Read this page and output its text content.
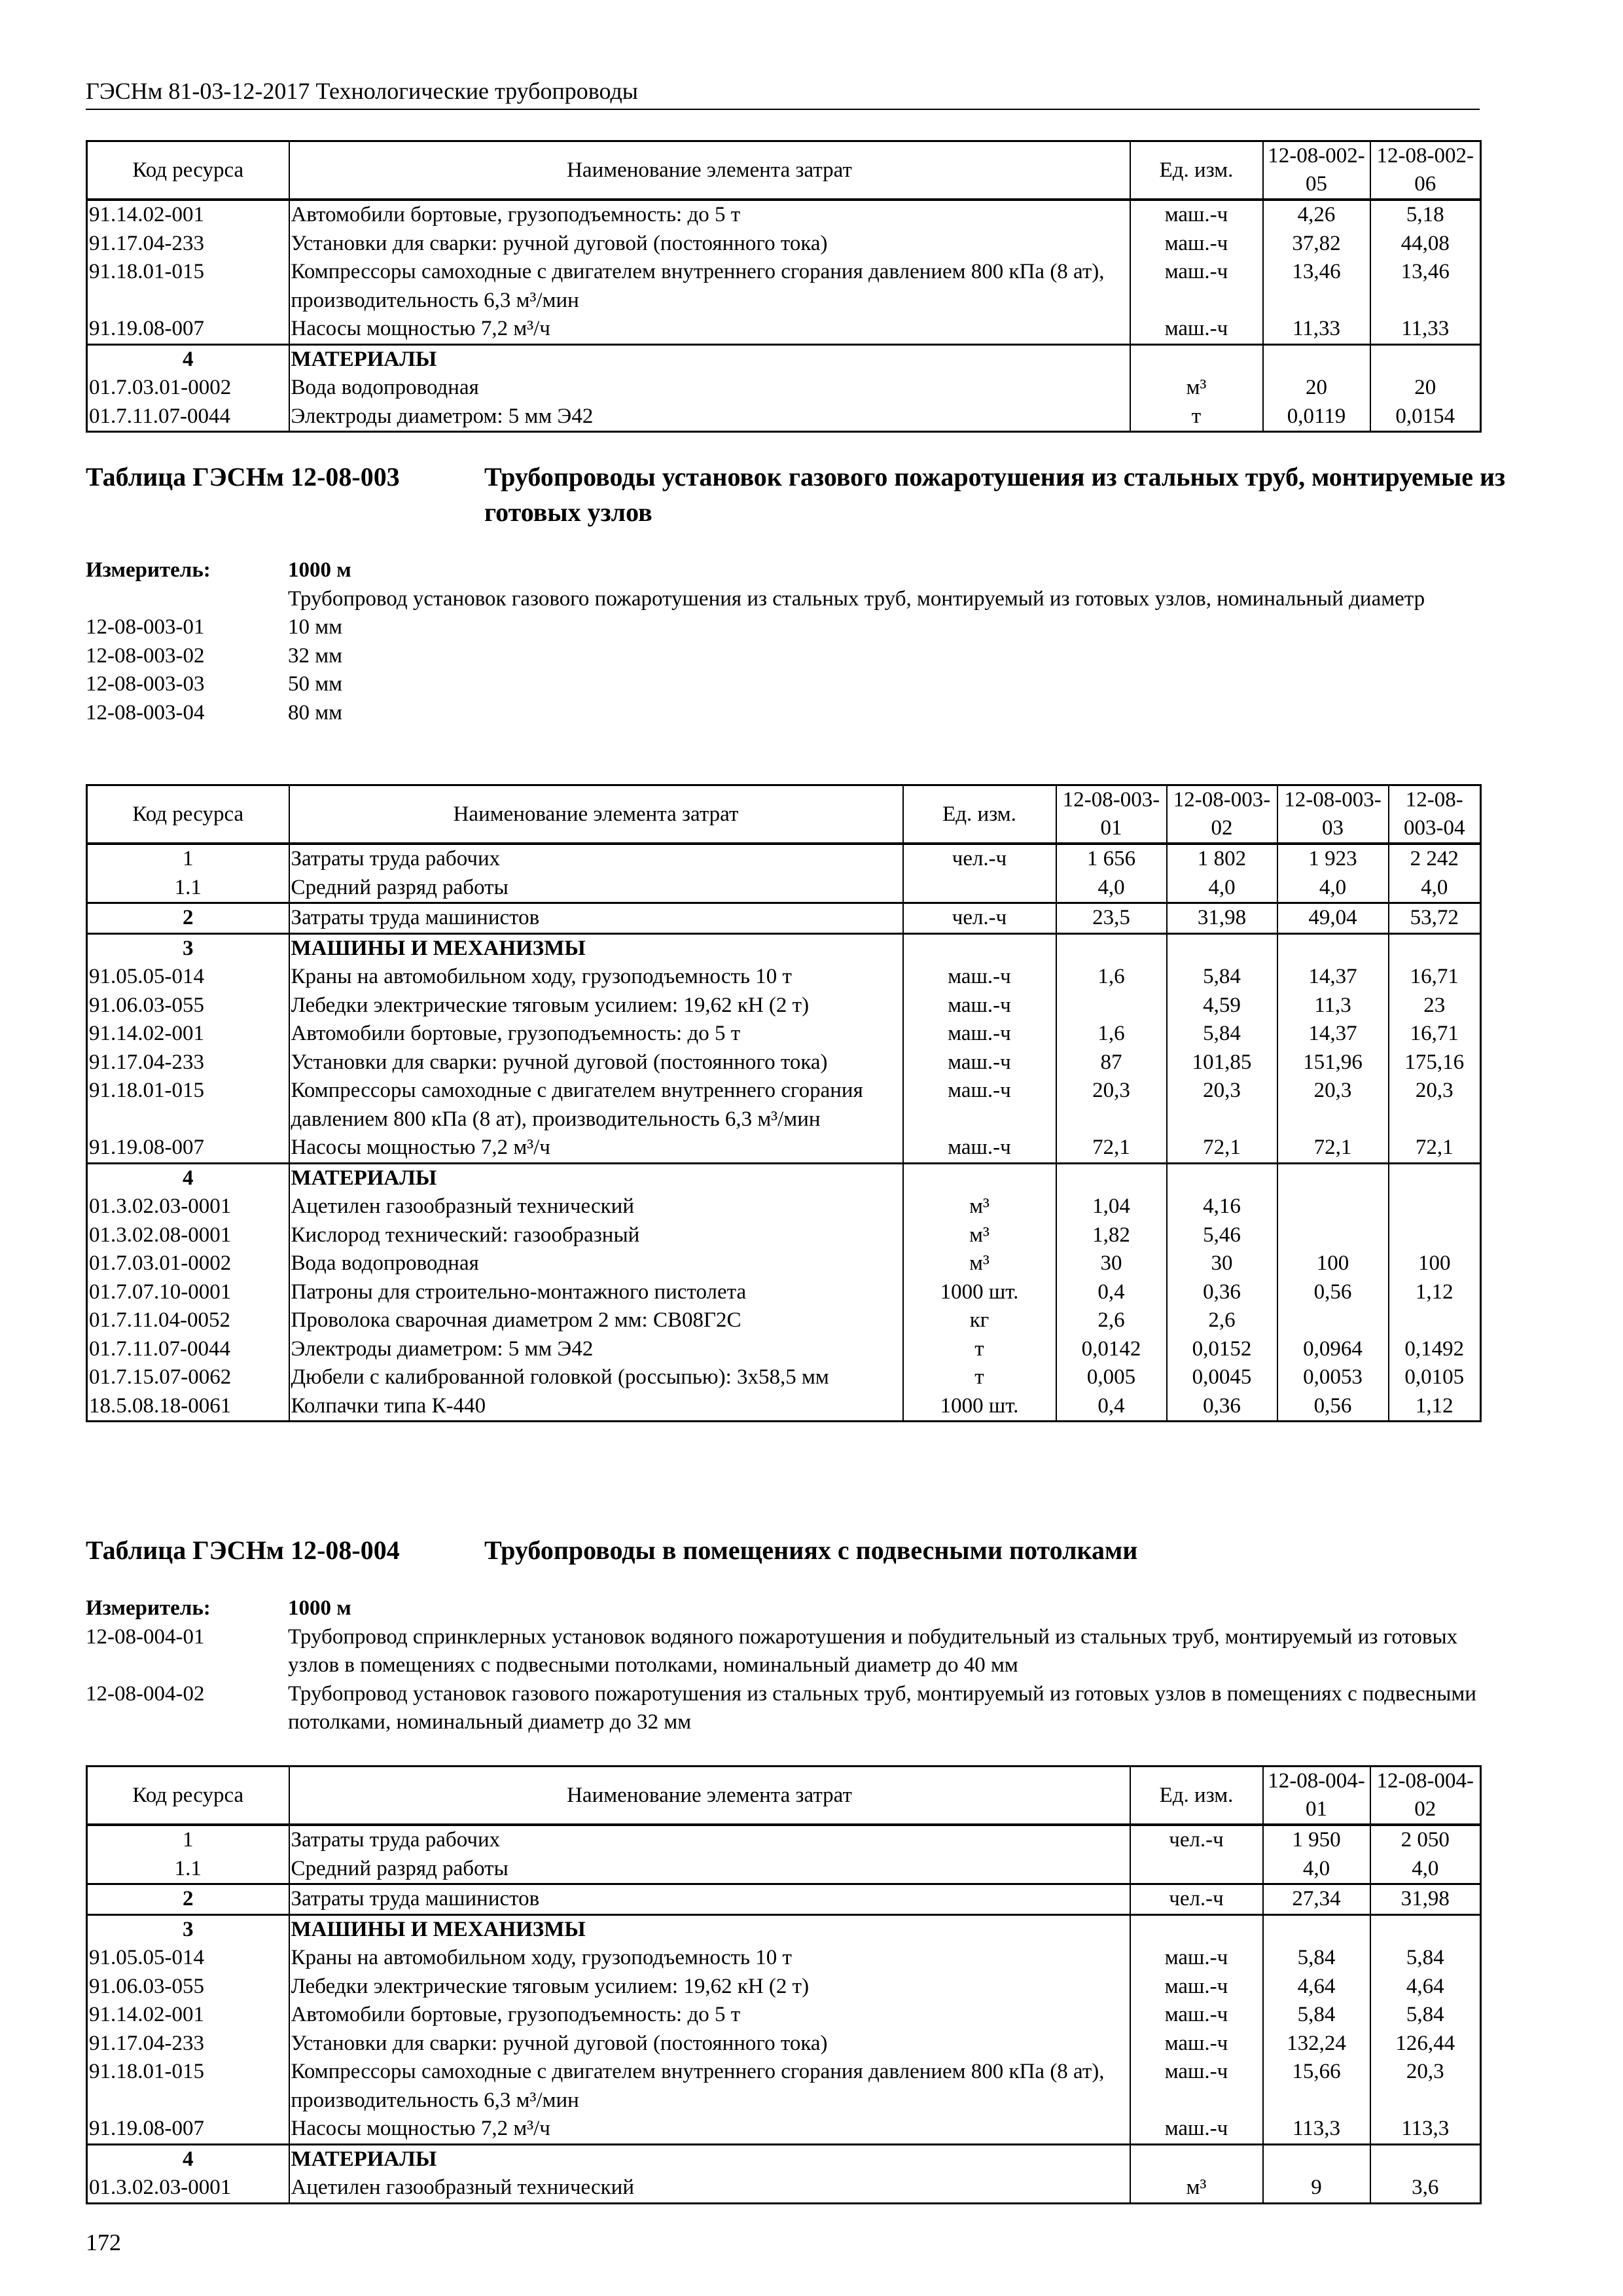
ГЭСНм 81-03-12-2017 Технологические трубопроводы
Код ресурса	Наименование элемента затрат	Ед. изм.	12-08-002-05	12-08-002-06
91.14.02-001	Автомобили бортовые, грузоподъемность: до 5 т	маш.-ч	4,26	5,18
91.17.04-233	Установки для сварки: ручной дуговой (постоянного тока)	маш.-ч	37,82	44,08
91.18.01-015	Компрессоры самоходные с двигателем внутреннего сгорания давлением 800 кПа (8 ат), производительность 6,3 м³/мин	маш.-ч	13,46	13,46
91.19.08-007	Насосы мощностью 7,2 м³/ч	маш.-ч	11,33	11,33
4	МАТЕРИАЛЫ			
01.7.03.01-0002	Вода водопроводная	м³	20	20
01.7.11.07-0044	Электроды диаметром: 5 мм Э42	т	0,0119	0,0154
Таблица ГЭСНм 12-08-003	Трубопроводы установок газового пожаротушения из стальных труб, монтируемые из готовых узлов
Измеритель:	1000 м
Трубопровод установок газового пожаротушения из стальных труб, монтируемый из готовых узлов, номинальный диаметр
12-08-003-01	10 мм
12-08-003-02	32 мм
12-08-003-03	50 мм
12-08-003-04	80 мм
Код ресурса	Наименование элемента затрат	Ед. изм.	12-08-003-01	12-08-003-02	12-08-003-03	12-08-003-04
1	Затраты труда рабочих	чел.-ч	1 656	1 802	1 923	2 242
1.1	Средний разряд работы		4,0	4,0	4,0	4,0
2	Затраты труда машинистов	чел.-ч	23,5	31,98	49,04	53,72
3	МАШИНЫ И МЕХАНИЗМЫ					
91.05.05-014	Краны на автомобильном ходу, грузоподъемность 10 т	маш.-ч	1,6	5,84	14,37	16,71
91.06.03-055	Лебедки электрические тяговым усилием: 19,62 кН (2 т)	маш.-ч		4,59	11,3	23
91.14.02-001	Автомобили бортовые, грузоподъемность: до 5 т	маш.-ч	1,6	5,84	14,37	16,71
91.17.04-233	Установки для сварки: ручной дуговой (постоянного тока)	маш.-ч	87	101,85	151,96	175,16
91.18.01-015	Компрессоры самоходные с двигателем внутреннего сгорания давлением 800 кПа (8 ат), производительность 6,3 м³/мин	маш.-ч	20,3	20,3	20,3	20,3
91.19.08-007	Насосы мощностью 7,2 м³/ч	маш.-ч	72,1	72,1	72,1	72,1
4	МАТЕРИАЛЫ					
01.3.02.03-0001	Ацетилен газообразный технический	м³	1,04	4,16		
01.3.02.08-0001	Кислород технический: газообразный	м³	1,82	5,46		
01.7.03.01-0002	Вода водопроводная	м³	30	30	100	100
01.7.07.10-0001	Патроны для строительно-монтажного пистолета	1000 шт.	0,4	0,36	0,56	1,12
01.7.11.04-0052	Проволока сварочная диаметром 2 мм: СВ08Г2С	кг	2,6	2,6		
01.7.11.07-0044	Электроды диаметром: 5 мм Э42	т	0,0142	0,0152	0,0964	0,1492
01.7.15.07-0062	Дюбели с калиброванной головкой (россыпью): 3х58,5 мм	т	0,005	0,0045	0,0053	0,0105
18.5.08.18-0061	Колпачки типа К-440	1000 шт.	0,4	0,36	0,56	1,12
Таблица ГЭСНм 12-08-004	Трубопроводы в помещениях с подвесными потолками
Измеритель:	1000 м
12-08-004-01	Трубопровод спринклерных установок водяного пожаротушения и побудительный из стальных труб, монтируемый из готовых узлов в помещениях с подвесными потолками, номинальный диаметр до 40 мм
12-08-004-02	Трубопровод установок газового пожаротушения из стальных труб, монтируемый из готовых узлов в помещениях с подвесными потолками, номинальный диаметр до 32 мм
Код ресурса	Наименование элемента затрат	Ед. изм.	12-08-004-01	12-08-004-02
1	Затраты труда рабочих	чел.-ч	1 950	2 050
1.1	Средний разряд работы		4,0	4,0
2	Затраты труда машинистов	чел.-ч	27,34	31,98
3	МАШИНЫ И МЕХАНИЗМЫ			
91.05.05-014	Краны на автомобильном ходу, грузоподъемность 10 т	маш.-ч	5,84	5,84
91.06.03-055	Лебедки электрические тяговым усилием: 19,62 кН (2 т)	маш.-ч	4,64	4,64
91.14.02-001	Автомобили бортовые, грузоподъемность: до 5 т	маш.-ч	5,84	5,84
91.17.04-233	Установки для сварки: ручной дуговой (постоянного тока)	маш.-ч	132,24	126,44
91.18.01-015	Компрессоры самоходные с двигателем внутреннего сгорания давлением 800 кПа (8 ат), производительность 6,3 м³/мин	маш.-ч	15,66	20,3
91.19.08-007	Насосы мощностью 7,2 м³/ч	маш.-ч	113,3	113,3
4	МАТЕРИАЛЫ			
01.3.02.03-0001	Ацетилен газообразный технический	м³	9	3,6
172
